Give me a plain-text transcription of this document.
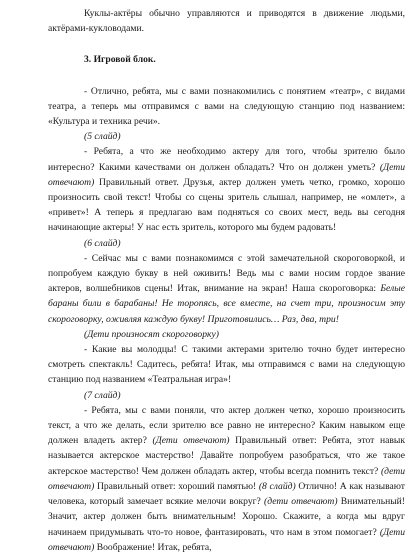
Куклы-актёры обычно управляются и приводятся в движение людьми, актёрами-кукловодами.

3. Игровой блок.

- Отлично, ребята, мы с вами познакомились с понятием «театр», с видами театра, а теперь мы отправимся с вами на следующую станцию под названием: «Культура и техника речи».

(5 слайд)

- Ребята, а что же необходимо актеру для того, чтобы зрителю было интересно? Какими качествами он должен обладать? Что он должен уметь? (Дети отвечают) Правильный ответ. Друзья, актер должен уметь четко, громко, хорошо произносить свой текст! Чтобы со сцены зритель слышал, например, не «омлет», а «привет»! А теперь я предлагаю вам подняться со своих мест, ведь вы сегодня начинающие актеры! У нас есть зритель, которого мы будем радовать!

(6 слайд)

- Сейчас мы с вами познакомимся с этой замечательной скороговоркой, и попробуем каждую букву в ней оживить! Ведь мы с вами носим гордое звание актеров, волшебников сцены! Итак, внимание на экран! Наша скороговорка: Белые бараны били в барабаны! Не торопясь, все вместе, на счет три, произносим эту скороговорку, оживляя каждую букву! Приготовились… Раз, два, три!

(Дети произносят скороговорку)

- Какие вы молодцы! С такими актерами зрителю точно будет интересно смотреть спектакль! Садитесь, ребята! Итак, мы отправимся с вами на следующую станцию под названием «Театральная игра»!

(7 слайд)

- Ребята, мы с вами поняли, что актер должен четко, хорошо произносить текст, а что же делать, если зрителю все равно не интересно? Каким навыком еще должен владеть актер? (Дети отвечают) Правильный ответ: Ребята, этот навык называется актерское мастерство! Давайте попробуем разобраться, что же такое актерское мастерство! Чем должен обладать актер, чтобы всегда помнить текст? (дети отвечают) Правильный ответ: хороший памятью! (8 слайд) Отлично! А как называют человека, который замечает всякие мелочи вокруг? (дети отвечают) Внимательный! Значит, актер должен быть внимательным! Хорошо. Скажите, а когда мы вдруг начинаем придумывать что-то новое, фантазировать, что нам в этом помогает? (Дети отвечают) Воображение! Итак, ребята,
